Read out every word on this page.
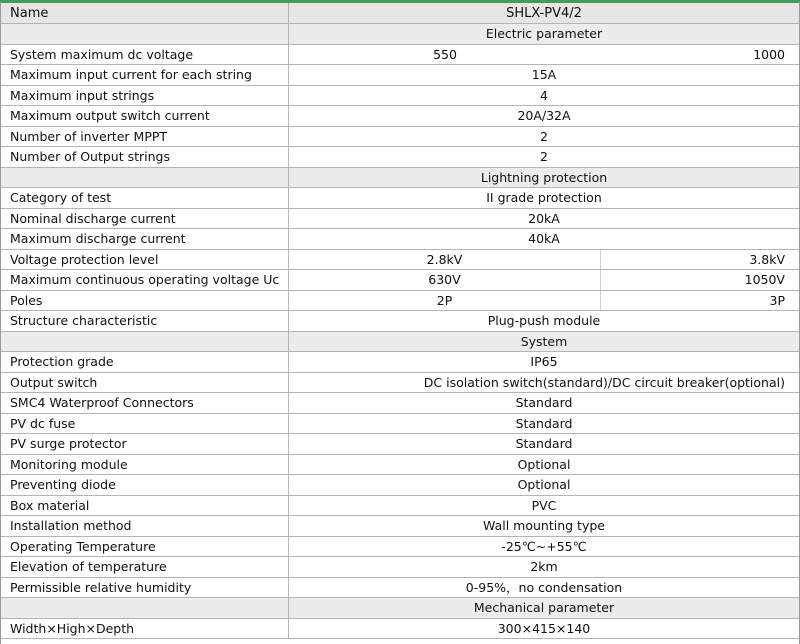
Name	SHLX-PV4/2
Electric parameter
System maximum dc voltage	550	1000
Maximum input current for each string	15A
Maximum input strings	4
Maximum output switch current	20A/32A
Number of inverter MPPT	2
Number of Output strings	2
Lightning protection
Category of test	II grade protection
Nominal discharge current	20kA
Maximum discharge current	40kA
Voltage protection level	2.8kV	3.8kV
Maximum continuous operating voltage Uc	630V	1050V
Poles	2P	3P
Structure characteristic	Plug-push module
System
Protection grade	IP65
Output switch	DC isolation switch(standard)/DC circuit breaker(optional)
SMC4 Waterproof Connectors	Standard
PV dc fuse	Standard
PV surge protector	Standard
Monitoring module	Optional
Preventing diode	Optional
Box material	PVC
Installation method	Wall mounting type
Operating Temperature	-25℃~+55℃
Elevation of temperature	2km
Permissible relative humidity	0-95%，no condensation
Mechanical parameter
Width×High×Depth	300×415×140
